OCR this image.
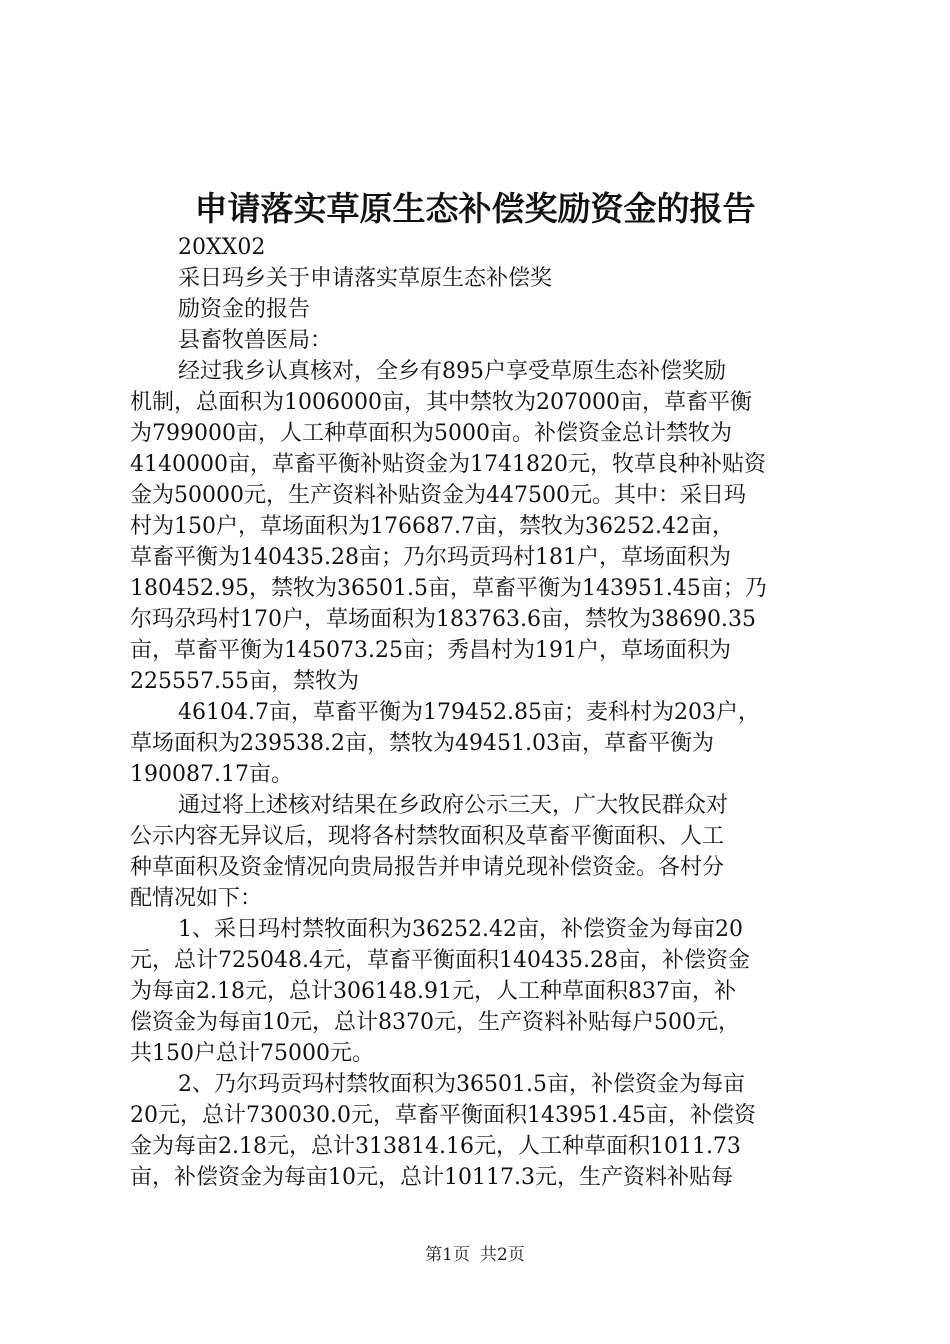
申请落实草原生态补偿奖励资金的报告
20XX02
采日玛乡关于申请落实草原生态补偿奖
励资金的报告
县畜牧兽医局：
经过我乡认真核对，全乡有895户享受草原生态补偿奖励
机制，总面积为1006000亩，其中禁牧为207000亩，草畜平衡
为799000亩，人工种草面积为5000亩。补偿资金总计禁牧为
4140000亩，草畜平衡补贴资金为1741820元，牧草良种补贴资
金为50000元，生产资料补贴资金为447500元。其中：采日玛
村为150户，草场面积为176687.7亩，禁牧为36252.42亩，
草畜平衡为140435.28亩；乃尔玛贡玛村181户，草场面积为
180452.95，禁牧为36501.5亩，草畜平衡为143951.45亩；乃
尔玛尕玛村170户，草场面积为183763.6亩，禁牧为38690.35
亩，草畜平衡为145073.25亩；秀昌村为191户，草场面积为
225557.55亩，禁牧为
46104.7亩，草畜平衡为179452.85亩；麦科村为203户，
草场面积为239538.2亩，禁牧为49451.03亩，草畜平衡为
190087.17亩。
通过将上述核对结果在乡政府公示三天，广大牧民群众对
公示内容无异议后，现将各村禁牧面积及草畜平衡面积、人工
种草面积及资金情况向贵局报告并申请兑现补偿资金。各村分
配情况如下：
1、采日玛村禁牧面积为36252.42亩，补偿资金为每亩20
元，总计725048.4元，草畜平衡面积140435.28亩，补偿资金
为每亩2.18元，总计306148.91元，人工种草面积837亩，补
偿资金为每亩10元，总计8370元，生产资料补贴每户500元，
共150户总计75000元。
2、乃尔玛贡玛村禁牧面积为36501.5亩，补偿资金为每亩
20元，总计730030.0元，草畜平衡面积143951.45亩，补偿资
金为每亩2.18元，总计313814.16元，人工种草面积1011.73
亩，补偿资金为每亩10元，总计10117.3元，生产资料补贴每
第1页 共2页
